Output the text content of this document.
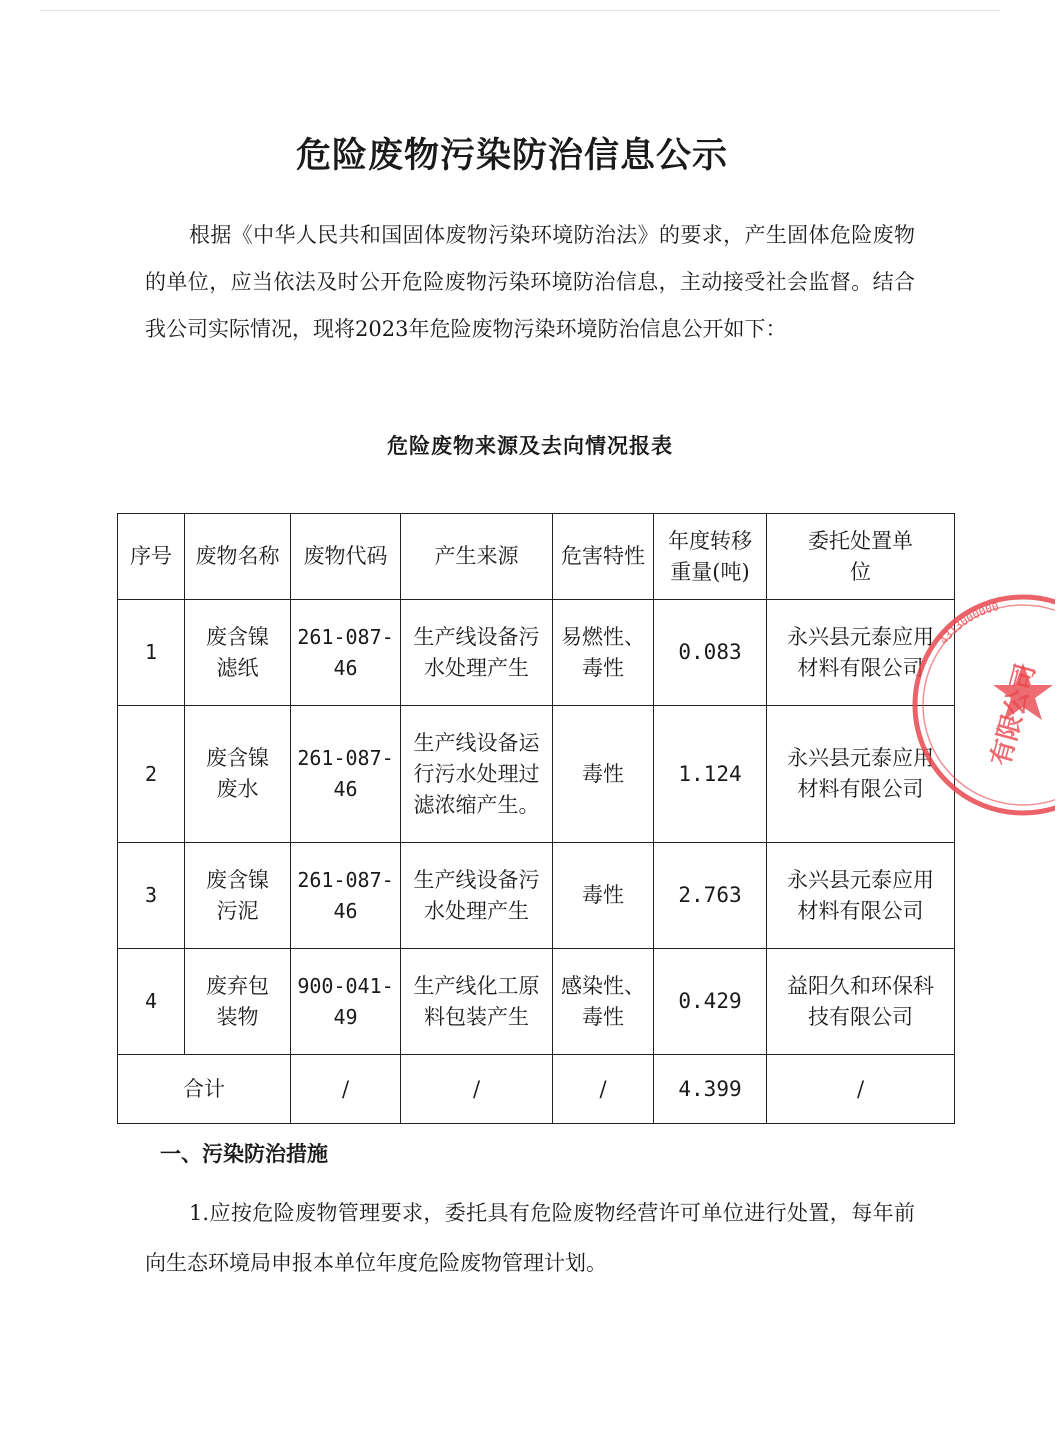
危险废物污染防治信息公示

根据《中华人民共和国固体废物污染环境防治法》的要求，产生固体危险废物的单位，应当依法及时公开危险废物污染环境防治信息，主动接受社会监督。结合我公司实际情况，现将2023年危险废物污染环境防治信息公开如下：

危险废物来源及去向情况报表
序号	废物名称	废物代码	产生来源	危害特性	年度转移重量(吨)	委托处置单位
1	废含镍滤纸	261-087-46	生产线设备污水处理产生	易燃性、毒性	0.083	永兴县元泰应用材料有限公司
2	废含镍废水	261-087-46	生产线设备运行污水处理过滤浓缩产生。	毒性	1.124	永兴县元泰应用材料有限公司
3	废含镍污泥	261-087-46	生产线设备污水处理产生	毒性	2.763	永兴县元泰应用材料有限公司
4	废弃包装物	900-041-49	生产线化工原料包装产生	感染性、毒性	0.429	益阳久和环保科技有限公司
合计		/	/	/	4.399	/
4313000000
有限公司
一、污染防治措施

1.应按危险废物管理要求，委托具有危险废物经营许可单位进行处置，每年前向生态环境局申报本单位年度危险废物管理计划。
